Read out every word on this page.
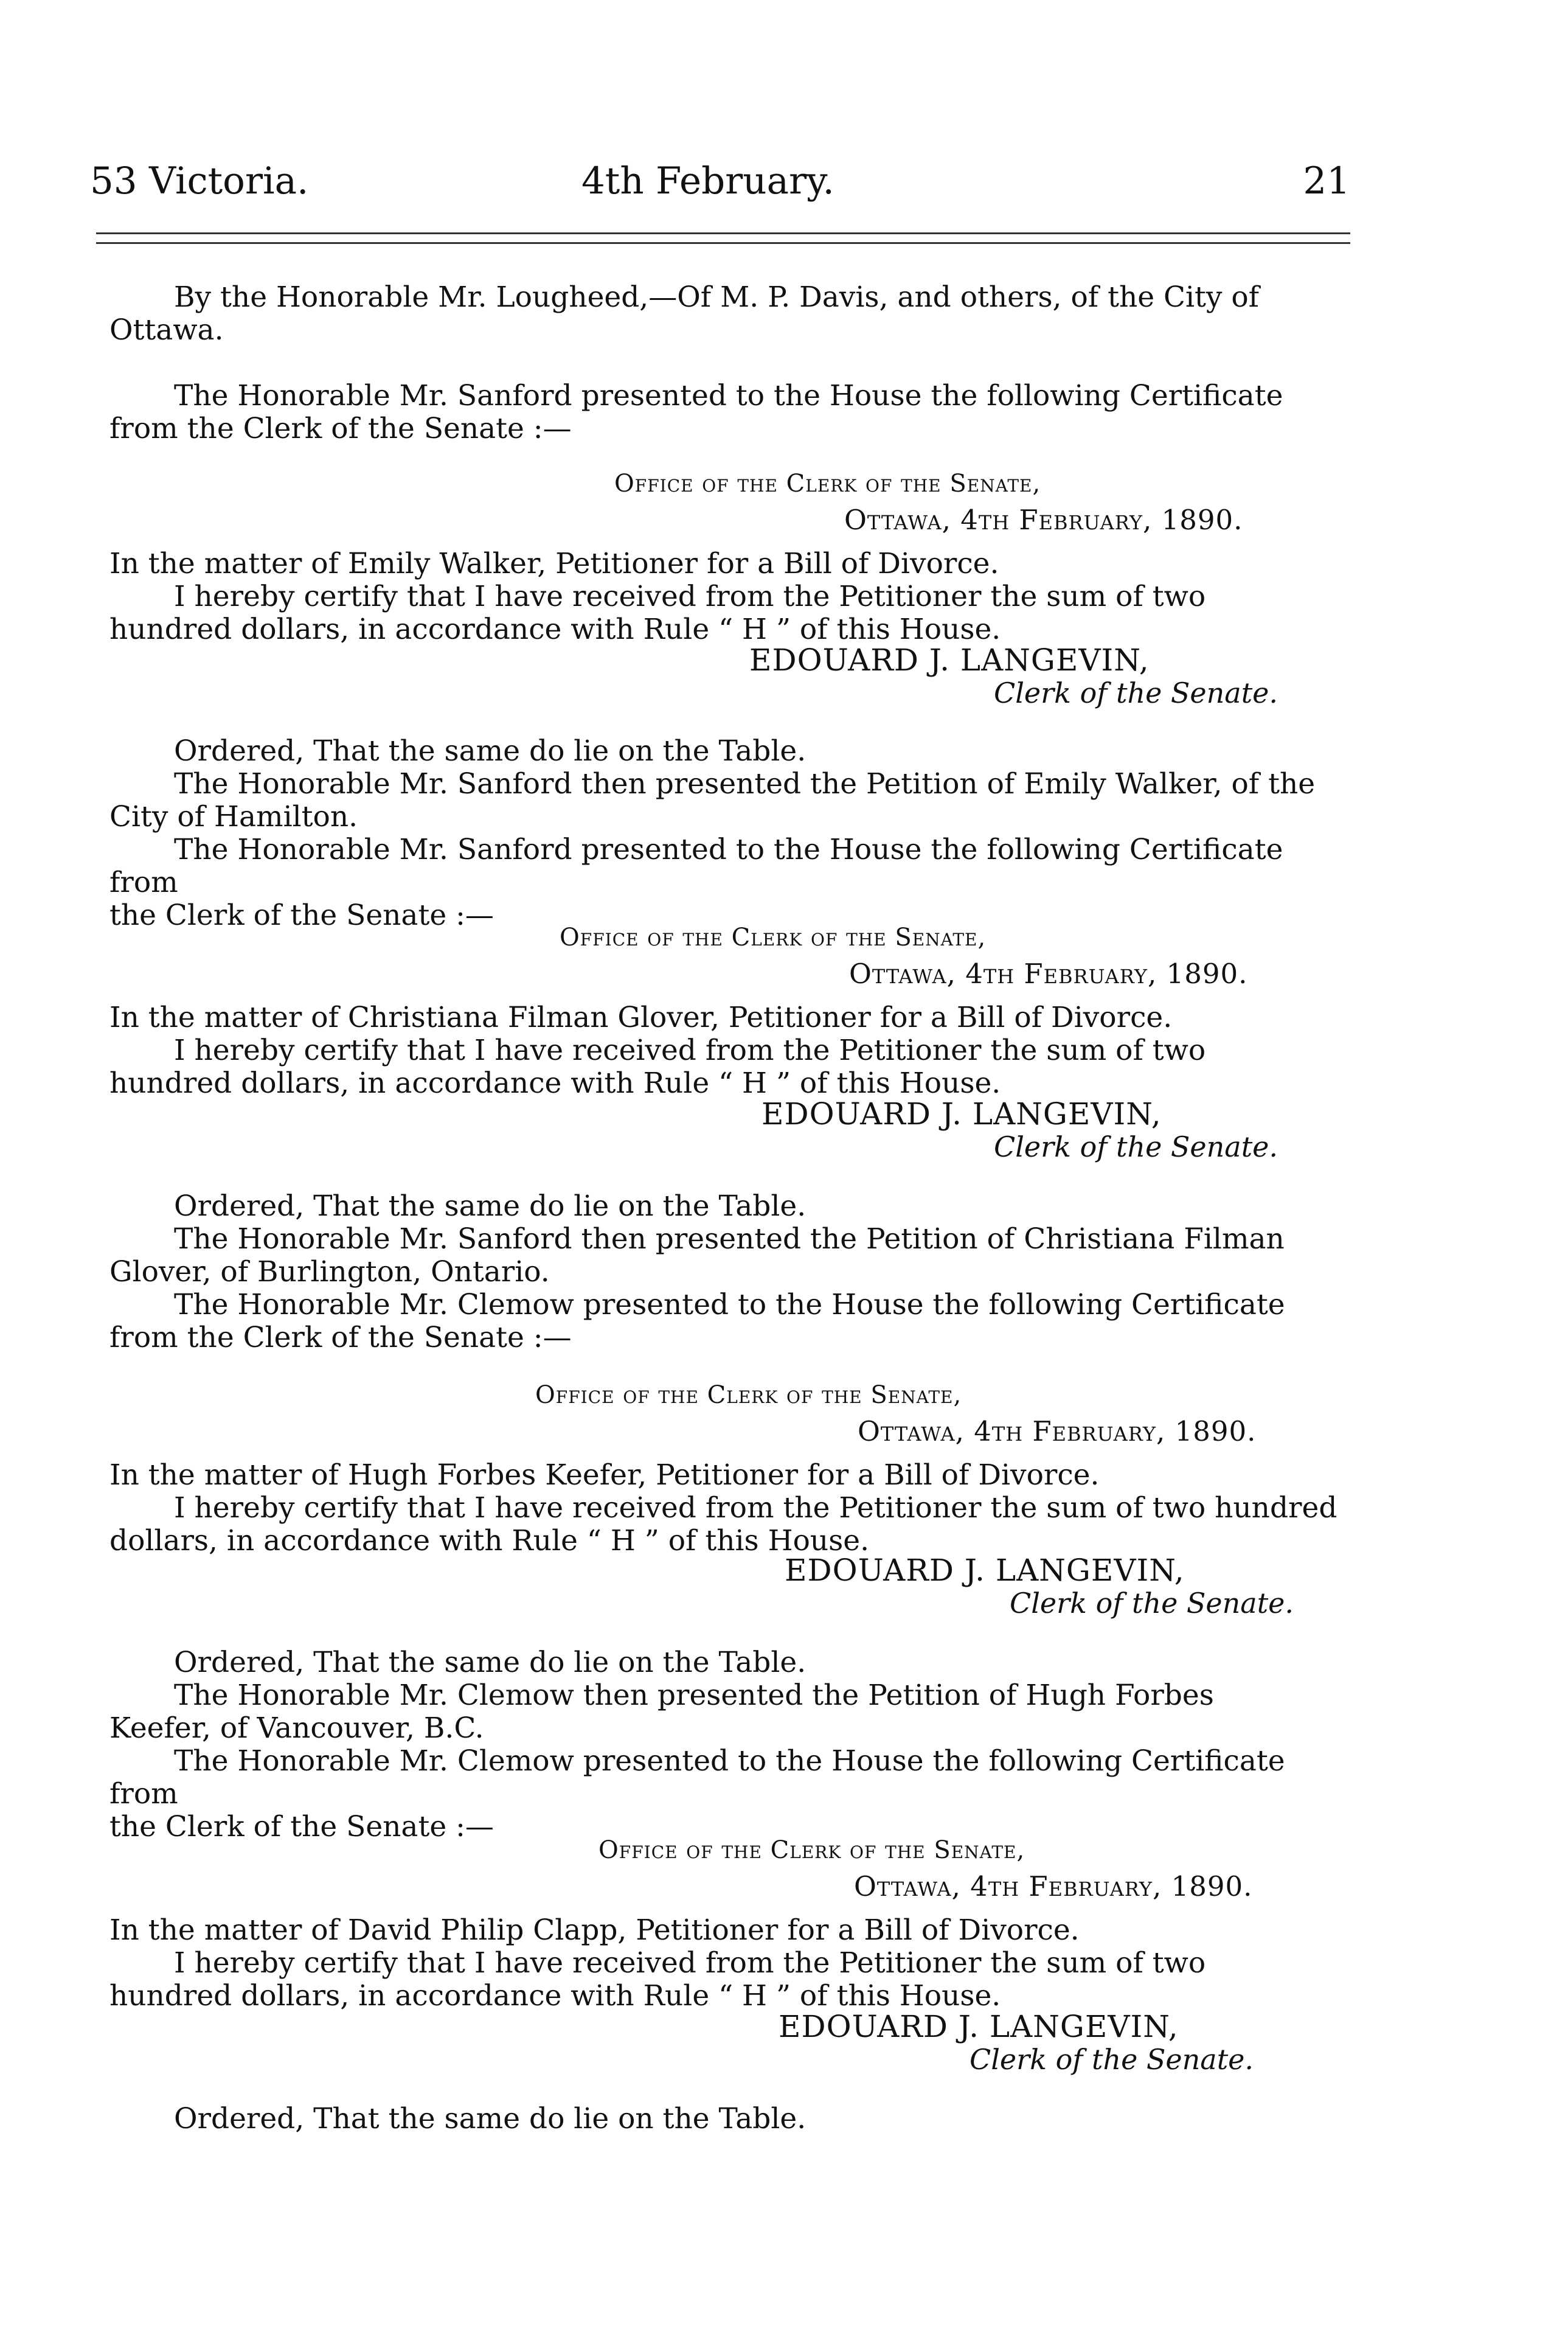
53 Victoria.	4th February.	21

By the Honorable Mr. Lougheed,—Of M. P. Davis, and others, of the City of

Ottawa.

The Honorable Mr. Sanford presented to the House the following Certificate

from the Clerk of the Senate :—

Office of the Clerk of the Senate,
Ottawa, 4th February, 1890.

In the matter of Emily Walker, Petitioner for a Bill of Divorce.

I hereby certify that I have received from the Petitioner the sum of two

hundred dollars, in accordance with Rule “ H ” of this House.

EDOUARD J. LANGEVIN,
Clerk of the Senate.

Ordered, That the same do lie on the Table.

The Honorable Mr. Sanford then presented the Petition of Emily Walker, of the

City of Hamilton.

The Honorable Mr. Sanford presented to the House the following Certificate from

the Clerk of the Senate :—

Office of the Clerk of the Senate,
Ottawa, 4th February, 1890.

In the matter of Christiana Filman Glover, Petitioner for a Bill of Divorce.

I hereby certify that I have received from the Petitioner the sum of two

hundred dollars, in accordance with Rule “ H ” of this House.

EDOUARD J. LANGEVIN,
Clerk of the Senate.

Ordered, That the same do lie on the Table.

The Honorable Mr. Sanford then presented the Petition of Christiana Filman

Glover, of Burlington, Ontario.

The Honorable Mr. Clemow presented to the House the following Certificate

from the Clerk of the Senate :—

Office of the Clerk of the Senate,
Ottawa, 4th February, 1890.

In the matter of Hugh Forbes Keefer, Petitioner for a Bill of Divorce.

I hereby certify that I have received from the Petitioner the sum of two hundred

dollars, in accordance with Rule “ H ” of this House.

EDOUARD J. LANGEVIN,
Clerk of the Senate.

Ordered, That the same do lie on the Table.

The Honorable Mr. Clemow then presented the Petition of Hugh Forbes

Keefer, of Vancouver, B.C.

The Honorable Mr. Clemow presented to the House the following Certificate from

the Clerk of the Senate :—

Office of the Clerk of the Senate,
Ottawa, 4th February, 1890.

In the matter of David Philip Clapp, Petitioner for a Bill of Divorce.

I hereby certify that I have received from the Petitioner the sum of two

hundred dollars, in accordance with Rule “ H ” of this House.

EDOUARD J. LANGEVIN,
Clerk of the Senate.

Ordered, That the same do lie on the Table.
